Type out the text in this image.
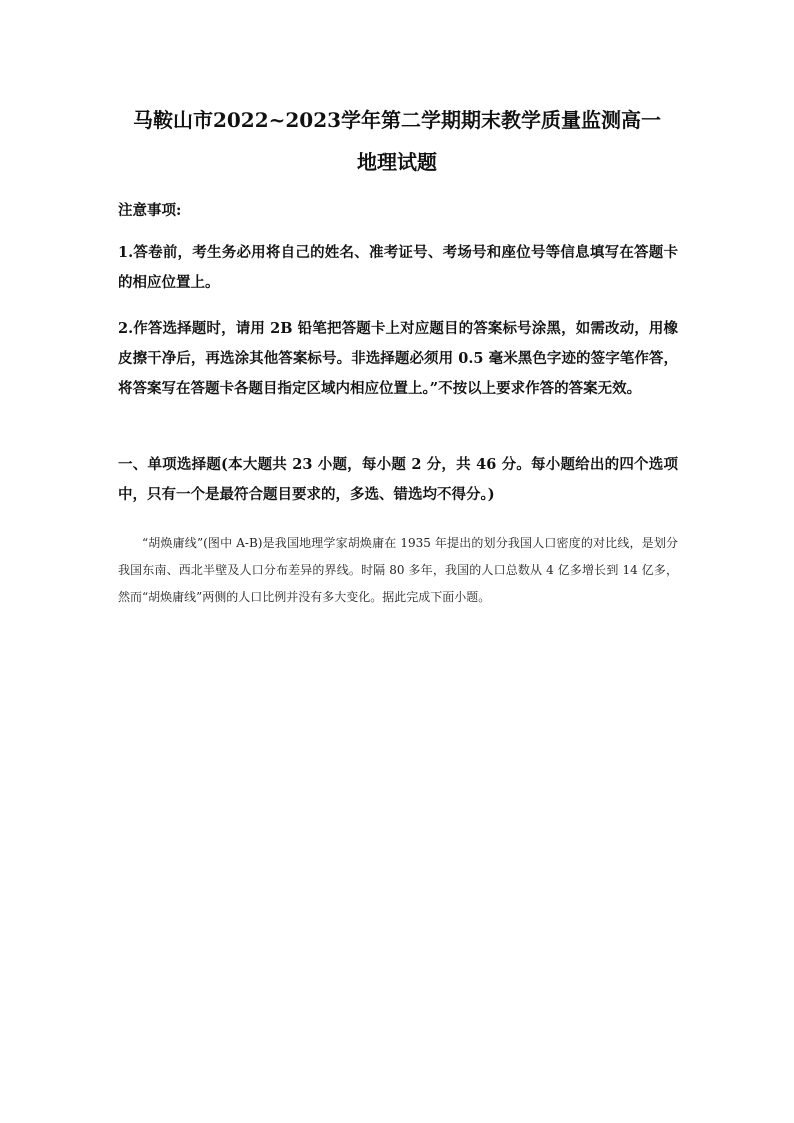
马鞍山市2022~2023学年第二学期期末教学质量监测高一
地理试题
注意事项:
1.答卷前，考生务必用将自己的姓名、准考证号、考场号和座位号等信息填写在答题卡的相应位置上。
2.作答选择题时，请用 2B 铅笔把答题卡上对应题目的答案标号涂黑，如需改动，用橡皮擦干净后，再选涂其他答案标号。非选择题必须用 0.5 毫米黑色字迹的签字笔作答，将答案写在答题卡各题目指定区域内相应位置上。”不按以上要求作答的答案无效。
一、单项选择题(本大题共 23 小题，每小题 2 分，共 46 分。每小题给出的四个选项中，只有一个是最符合题目要求的，多选、错选均不得分。)
“胡焕庸线”(图中 A-B)是我国地理学家胡焕庸在 1935 年提出的划分我国人口密度的对比线，是划分我国东南、西北半壁及人口分布差异的界线。时隔 80 多年，我国的人口总数从 4 亿多增长到 14 亿多，然而“胡焕庸线”两侧的人口比例并没有多大变化。据此完成下面小题。
